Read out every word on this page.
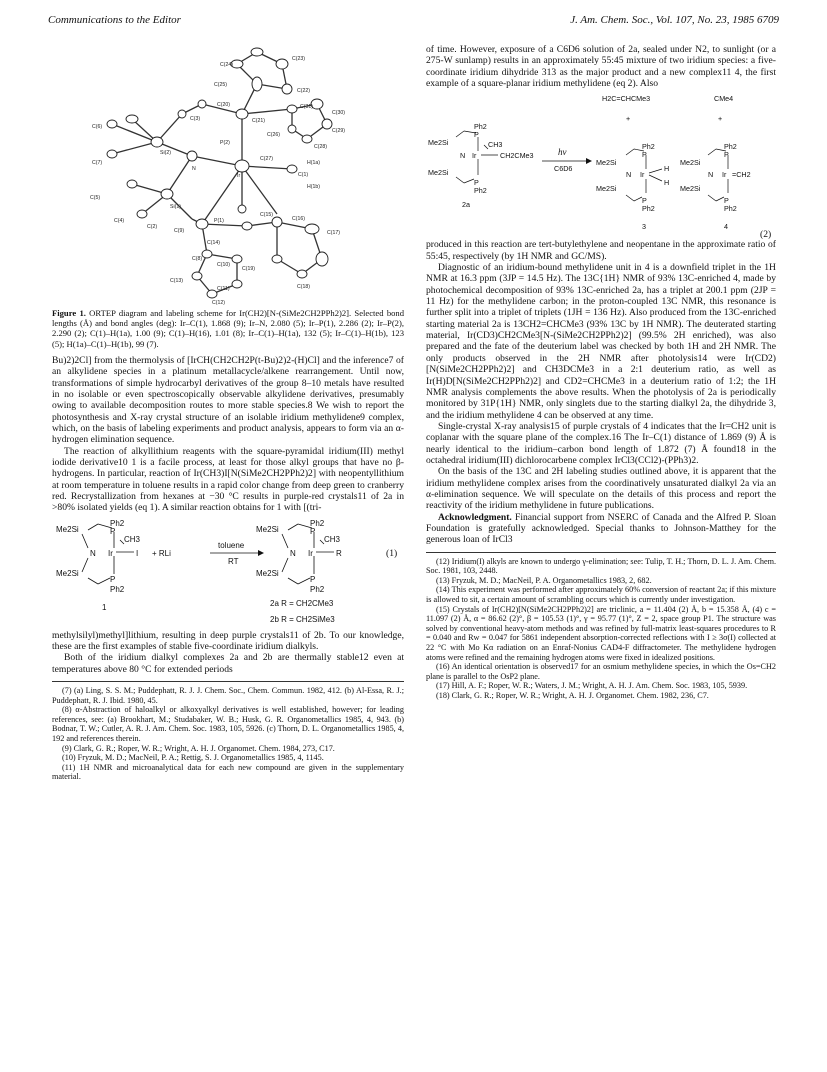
Communications to the Editor	J. Am. Chem. Soc., Vol. 107, No. 23, 1985 6709
C(24)
C(23)
C(25)
C(22)
C(20)	C(31)
C(30)
C(3)	C(21)
C(29)
C(6)
C(26)
Si(2)
P(2)
C(28)
C(7)
C(27)
H(1a)
N
Ir	C(1)
H(1b)
C(5)
Si(1)
P(1)
C(15)
C(16)
C(17)
C(4)
C(2)
C(9)
C(14)
C(10)
C(19)
C(13)
C(8)
C(18)
C(11)
C(12)
Figure 1. ORTEP diagram and labeling scheme for Ir(CH2)[N-(SiMe2CH2PPh2)2]. Selected bond lengths (Å) and bond angles (deg): Ir–C(1), 1.868 (9); Ir–N, 2.080 (5); Ir–P(1), 2.286 (2); Ir–P(2), 2.290 (2); C(1)–H(1a), 1.00 (9); C(1)–H(16), 1.01 (8); Ir–C(1)–H(1a), 132 (5); Ir–C(1)–H(1b), 123 (5); H(1a)–C(1)–H(1b), 99 (7).

Bu)2)2Cl] from the thermolysis of [IrCH(CH2CH2P(t-Bu)2)2-(H)Cl] and the inference7 of an alkylidene species in a platinum metallacycle/alkene rearrangement. Until now, transformations of simple hydrocarbyl derivatives of the group 8–10 metals have resulted in no isolable or even spectroscopically observable alkylidene derivatives, presumably owing to available decomposition routes to more stable species.8 We wish to report the photosynthesis and X-ray crystal structure of an isolable iridium methylidene9 complex, which, on the basis of labeling experiments and product analysis, appears to form via an α-hydrogen elimination sequence.

The reaction of alkyllithium reagents with the square-pyramidal iridium(III) methyl iodide derivative10 1 is a facile process, at least for those alkyl groups that have no β-hydrogens. In particular, reaction of Ir(CH3)I[N(SiMe2CH2PPh2)2] with neopentyllithium at room temperature in toluene results in a rapid color change from deep green to cranberry red. Recrystallization from hexanes at −30 °C results in purple-red crystals11 of 2a in >80% isolated yields (eq 1). A similar reaction obtains for 1 with [(tri-

Me2Si
Ph2
P
CH3
N Ir	I
Me2Si
P
Ph2
+ RLi
toluene
RT
Me2Si
Ph2
P
CH3
N Ir	R
Me2Si
P
Ph2
(1)
1	2a R = CH2CMe3
2b R = CH2SiMe3

methylsilyl)methyl]lithium, resulting in deep purple crystals11 of 2b. To our knowledge, these are the first examples of stable five-coordinate iridium dialkyls.

Both of the iridium dialkyl complexes 2a and 2b are thermally stable12 even at temperatures above 80 °C for extended periods

(7) (a) Ling, S. S. M.; Puddephatt, R. J. J. Chem. Soc., Chem. Commun. 1982, 412. (b) Al-Essa, R. J.; Puddephatt, R. J. Ibid. 1980, 45.
(8) α-Abstraction of haloalkyl or alkoxyalkyl derivatives is well established, however; for leading references, see: (a) Brookhart, M.; Studabaker, W. B.; Husk, G. R. Organometallics 1985, 4, 943. (b) Bodnar, T. W.; Cutler, A. R. J. Am. Chem. Soc. 1983, 105, 5926. (c) Thorn, D. L. Organometallics 1985, 4, 192 and references therein.
(9) Clark, G. R.; Roper, W. R.; Wright, A. H. J. Organomet. Chem. 1984, 273, C17.
(10) Fryzuk, M. D.; MacNeil, P. A.; Rettig, S. J. Organometallics 1985, 4, 1145.
(11) 1H NMR and microanalytical data for each new compound are given in the supplementary material.

of time. However, exposure of a C6D6 solution of 2a, sealed under N2, to sunlight (or a 275-W sunlamp) results in an approximately 55:45 mixture of two iridium species: a five-coordinate iridium dihydride 313 as the major product and a new complex11 4, the first example of a square-planar iridium methylidene (eq 2). Also

H2C=CHCMe3	CMe4
+	+
Ph2
P
Me2Si	CH3
N Ir	CH2CMe3
Me2Si
P
Ph2
2a
hν
C6D6
Ph2
P
Me2Si
N Ir
H
H
Me2Si
P
Ph2
3
Ph2
P
Me2Si
N Ir =CH2
Me2Si
P
Ph2
4
(2)

produced in this reaction are tert-butylethylene and neopentane in the approximate ratio of 55:45, respectively (by 1H NMR and GC/MS).

Diagnostic of an iridium-bound methylidene unit in 4 is a downfield triplet in the 1H NMR at 16.3 ppm (3JP = 14.5 Hz). The 13C{1H} NMR of 93% 13C-enriched 4, made by photochemical decomposition of 93% 13C-enriched 2a, has a triplet at 200.1 ppm (2JP = 11 Hz) for the methylidene carbon; in the proton-coupled 13C NMR, this resonance is further split into a triplet of triplets (1JH = 136 Hz). Also produced from the 13C-enriched starting material 2a is 13CH2=CHCMe3 (93% 13C by 1H NMR). The deuterated starting material, Ir(CD3)CH2CMe3[N-(SiMe2CH2PPh2)2] (99.5% 2H enriched), was also prepared and the fate of the deuterium label was checked by both 1H and 2H NMR. The only products observed in the 2H NMR after photolysis14 were Ir(CD2)[N(SiMe2CH2PPh2)2] and CH3DCMe3 in a 2:1 deuterium ratio, as well as Ir(H)D[N(SiMe2CH2PPh2)2] and CD2=CHCMe3 in a deuterium ratio of 1:2; the 1H NMR analysis complements the above results. When the photolysis of 2a is periodically monitored by 31P{1H} NMR, only singlets due to the starting dialkyl 2a, the dihydride 3, and the iridium methylidene 4 can be observed at any time.

Single-crystal X-ray analysis15 of purple crystals of 4 indicates that the Ir=CH2 unit is coplanar with the square plane of the complex.16 The Ir–C(1) distance of 1.869 (9) Å is nearly identical to the iridium–carbon bond length of 1.872 (7) Å found18 in the octahedral iridium(III) dichlorocarbene complex IrCl3(CCl2)-(PPh3)2.

On the basis of the 13C and 2H labeling studies outlined above, it is apparent that the iridium methylidene complex arises from the coordinatively unsaturated dialkyl 2a via an α-elimination sequence. We will speculate on the details of this process and report the reactivity of the iridium methylidene in future publications.

Acknowledgment. Financial support from NSERC of Canada and the Alfred P. Sloan Foundation is gratefully acknowledged. Special thanks to Johnson-Matthey for the generous loan of IrCl3

(12) Iridium(I) alkyls are known to undergo γ-elimination; see: Tulip, T. H.; Thorn, D. L. J. Am. Chem. Soc. 1981, 103, 2448.
(13) Fryzuk, M. D.; MacNeil, P. A. Organometallics 1983, 2, 682.
(14) This experiment was performed after approximately 60% conversion of reactant 2a; if this mixture is allowed to sit, a certain amount of scrambling occurs which is currently under investigation.
(15) Crystals of Ir(CH2)[N(SiMe2CH2PPh2)2] are triclinic, a = 11.404 (2) Å, b = 15.358 Å, (4) c = 11.097 (2) Å, α = 86.62 (2)°, β = 105.53 (1)°, γ = 95.77 (1)°, Z = 2, space group P1. The structure was solved by conventional heavy-atom methods and was refined by full-matrix least-squares procedures to R = 0.040 and Rw = 0.047 for 5861 independent absorption-corrected reflections with I ≥ 3σ(I) collected at 22 °C with Mo Kα radiation on an Enraf-Nonius CAD4-F diffractometer. The methylidene hydrogen atoms were refined and the remaining hydrogen atoms were fixed in idealized positions.
(16) An identical orientation is observed17 for an osmium methylidene species, in which the Os=CH2 plane is parallel to the OsP2 plane.
(17) Hill, A. F.; Roper, W. R.; Waters, J. M.; Wright, A. H. J. Am. Chem. Soc. 1983, 105, 5939.
(18) Clark, G. R.; Roper, W. R.; Wright, A. H. J. Organomet. Chem. 1982, 236, C7.
